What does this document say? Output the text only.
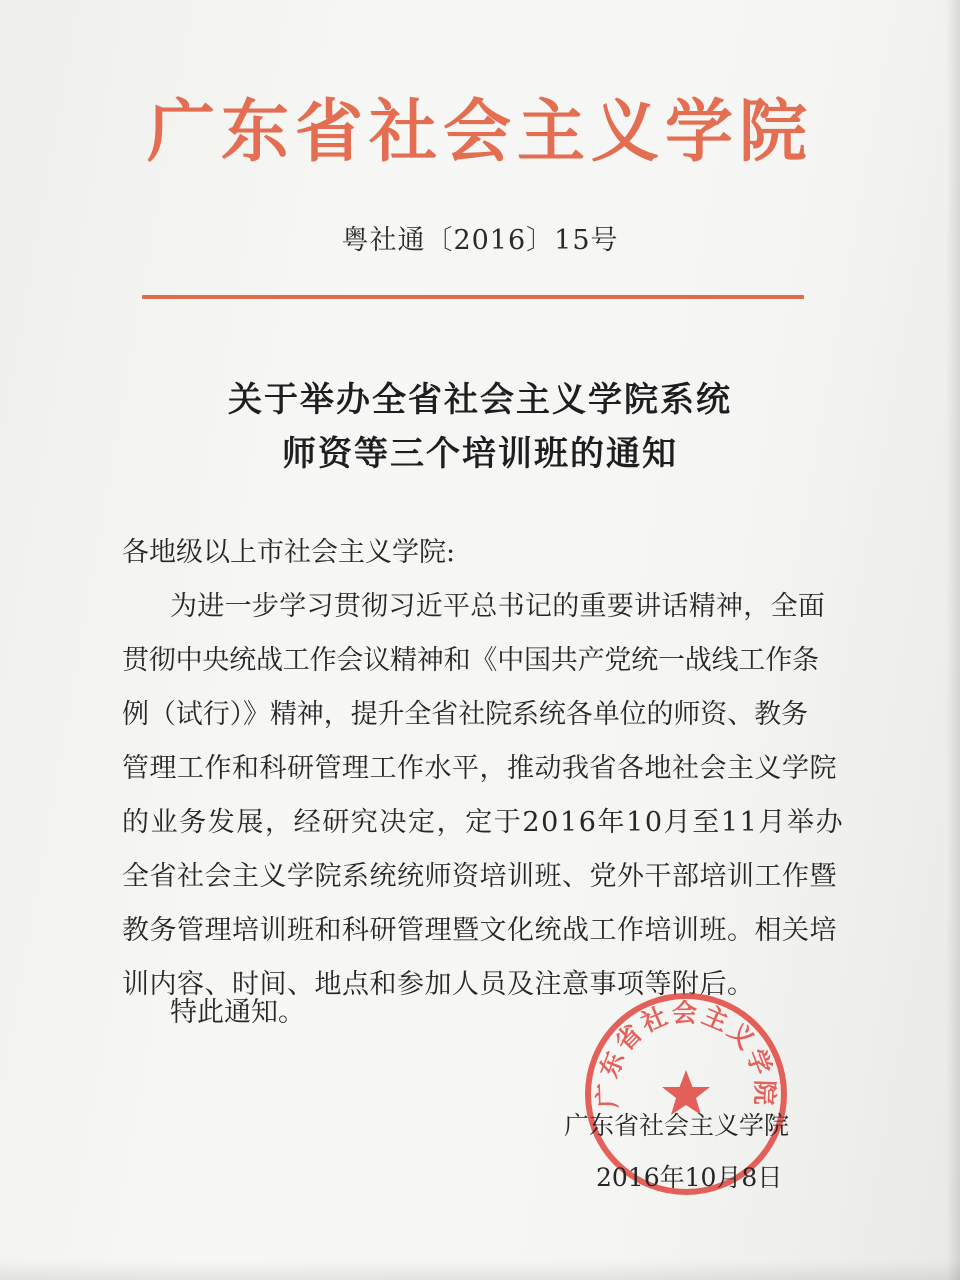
广东省社会主义学院
粤社通〔2016〕15号
关于举办全省社会主义学院系统
师资等三个培训班的通知
各地级以上市社会主义学院:
为进一步学习贯彻习近平总书记的重要讲话精神，全面
贯彻中央统战工作会议精神和《中国共产党统一战线工作条
例（试行）》精神，提升全省社院系统各单位的师资、教务
管理工作和科研管理工作水平，推动我省各地社会主义学院
的业务发展，经研究决定，定于2016年10月至11月举办
全省社会主义学院系统统师资培训班、党外干部培训工作暨
教务管理培训班和科研管理暨文化统战工作培训班。相关培
训内容、时间、地点和参加人员及注意事项等附后。
特此通知。
广东省社会主义学院
广东省社会主义学院
2016年10月8日
